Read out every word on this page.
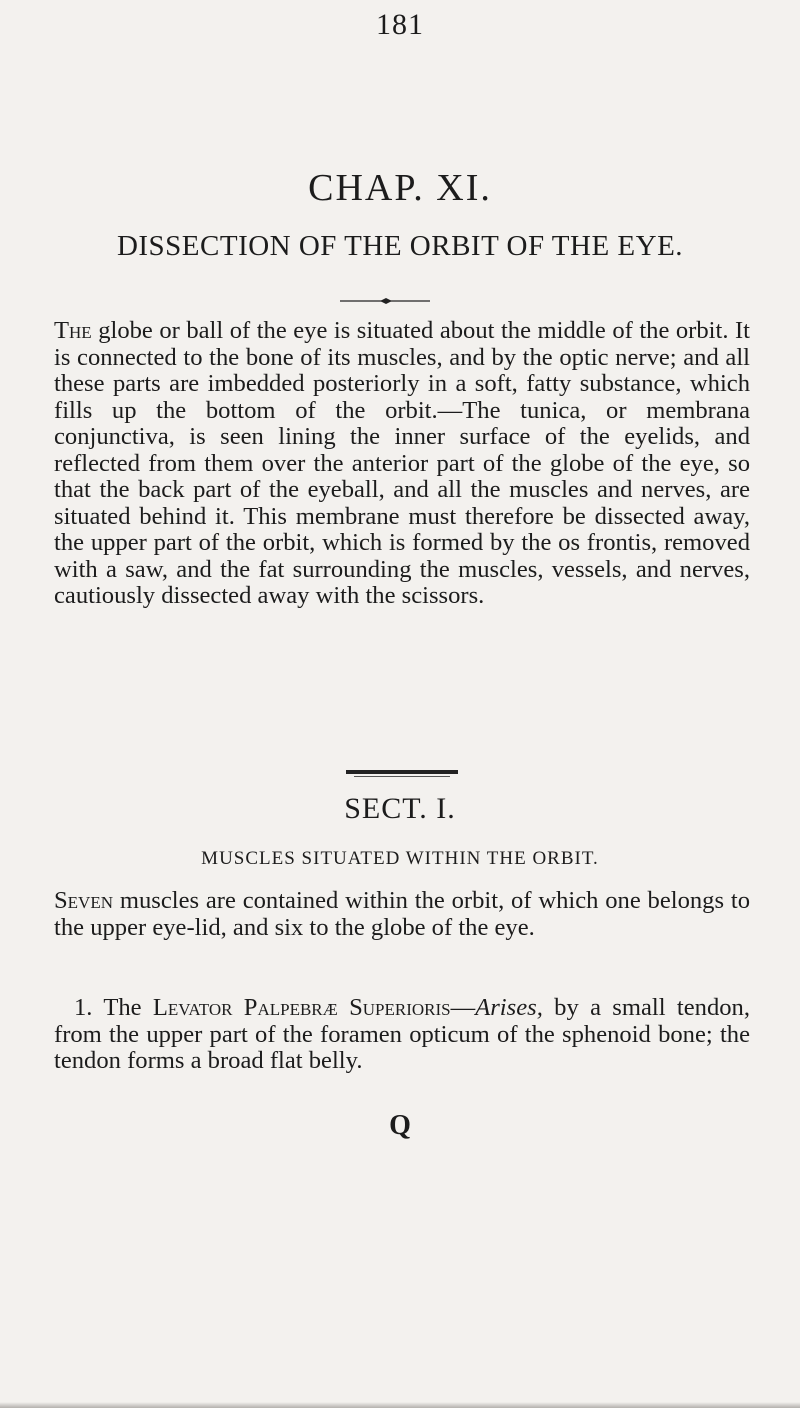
181
CHAP. XI.
DISSECTION OF THE ORBIT OF THE EYE.

The globe or ball of the eye is situated about the middle of the orbit. It is connected to the bone of its muscles, and by the optic nerve; and all these parts are imbedded posteriorly in a soft, fatty substance, which fills up the bottom of the orbit.—The tunica, or membrana conjunctiva, is seen lining the inner surface of the eyelids, and reflected from them over the anterior part of the globe of the eye, so that the back part of the eyeball, and all the muscles and nerves, are situated behind it. This membrane must therefore be dissected away, the upper part of the orbit, which is formed by the os frontis, removed with a saw, and the fat surrounding the muscles, vessels, and nerves, cautiously dissected away with the scissors.

SECT. I.
MUSCLES SITUATED WITHIN THE ORBIT.

Seven muscles are contained within the orbit, of which one belongs to the upper eye-lid, and six to the globe of the eye.

1. The Levator Palpebræ Superioris—Arises, by a small tendon, from the upper part of the foramen opticum of the sphenoid bone; the tendon forms a broad flat belly.

Q
